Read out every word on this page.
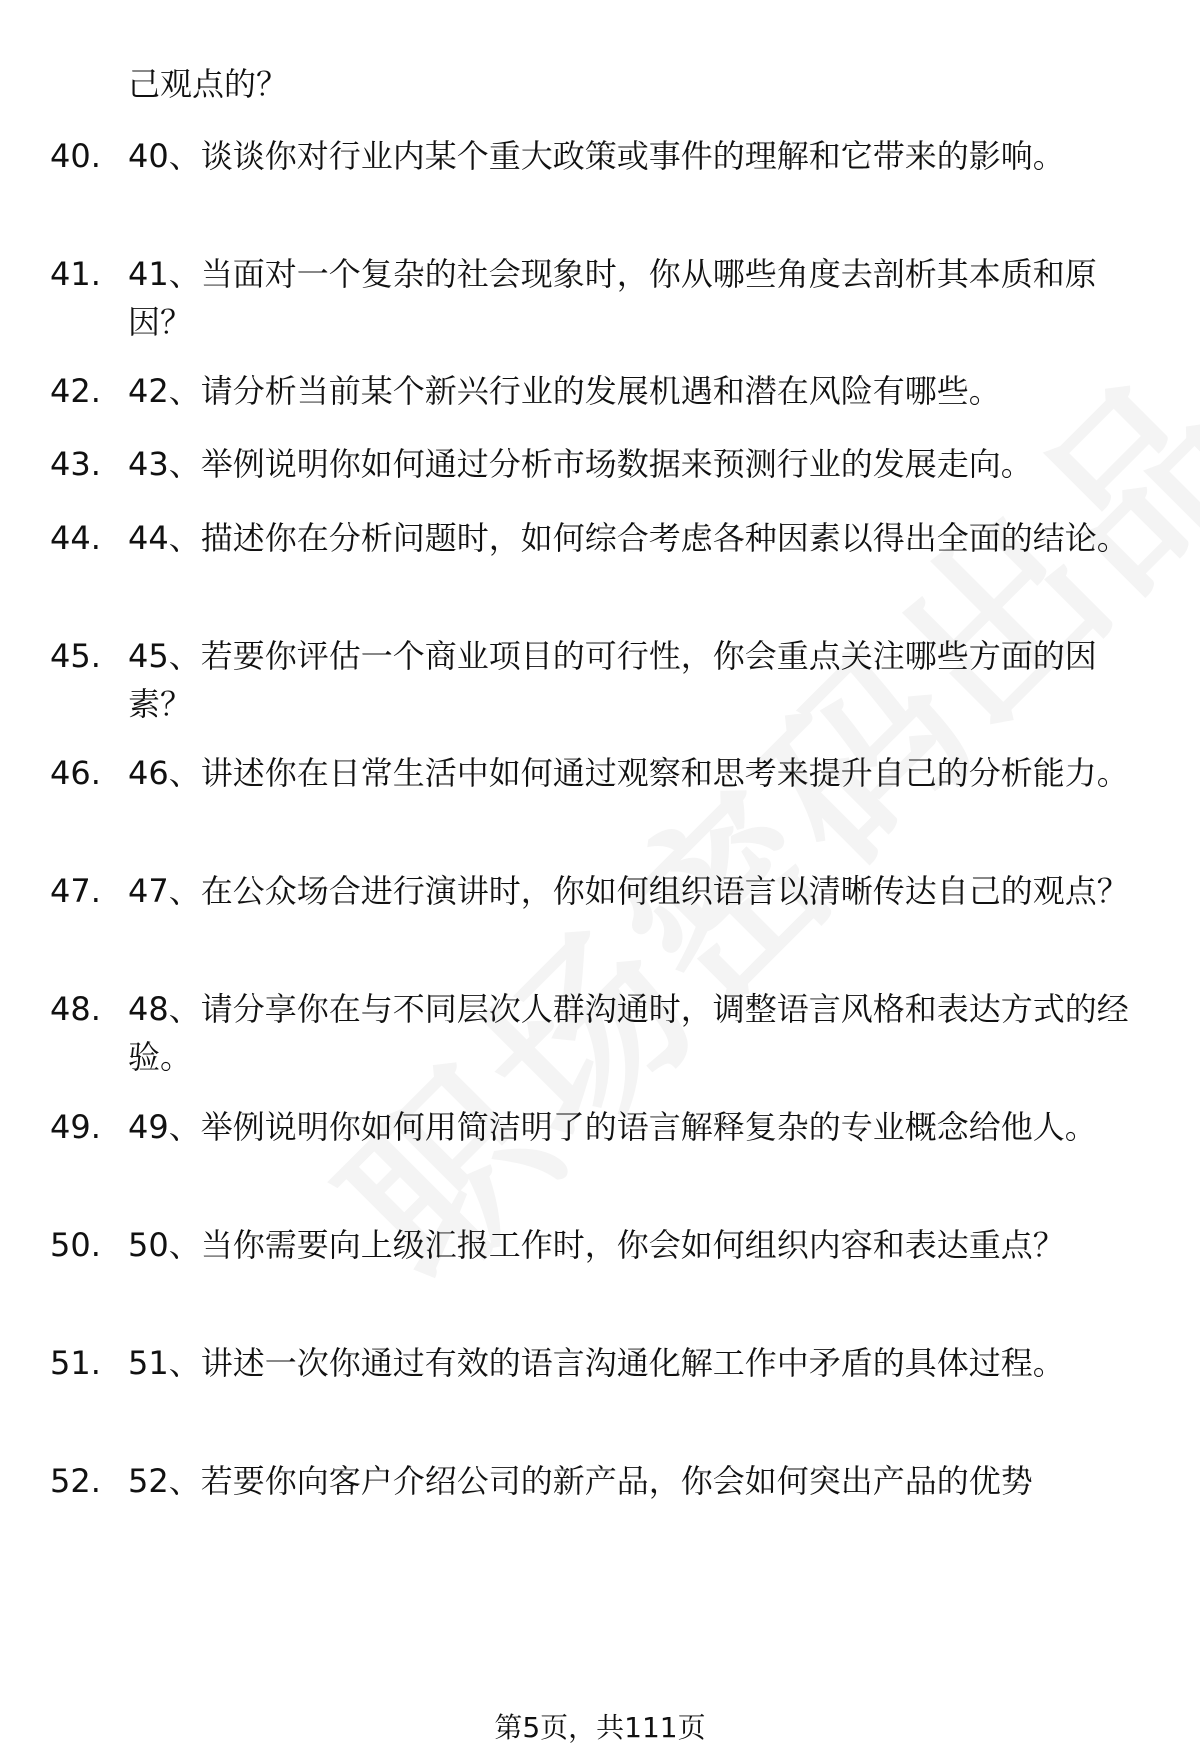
己观点的？
40. 40、谈谈你对行业内某个重大政策或事件的理解和它带来的影响。
41. 41、当面对一个复杂的社会现象时，你从哪些角度去剖析其本质和原因？
42. 42、请分析当前某个新兴行业的发展机遇和潜在风险有哪些。
43. 43、举例说明你如何通过分析市场数据来预测行业的发展走向。
44. 44、描述你在分析问题时，如何综合考虑各种因素以得出全面的结论。
45. 45、若要你评估一个商业项目的可行性，你会重点关注哪些方面的因素？
46. 46、讲述你在日常生活中如何通过观察和思考来提升自己的分析能力。
47. 47、在公众场合进行演讲时，你如何组织语言以清晰传达自己的观点？
48. 48、请分享你在与不同层次人群沟通时，调整语言风格和表达方式的经验。
49. 49、举例说明你如何用简洁明了的语言解释复杂的专业概念给他人。
50. 50、当你需要向上级汇报工作时，你会如何组织内容和表达重点？
51. 51、讲述一次你通过有效的语言沟通化解工作中矛盾的具体过程。
52. 52、若要你向客户介绍公司的新产品，你会如何突出产品的优势
第5页，共111页
